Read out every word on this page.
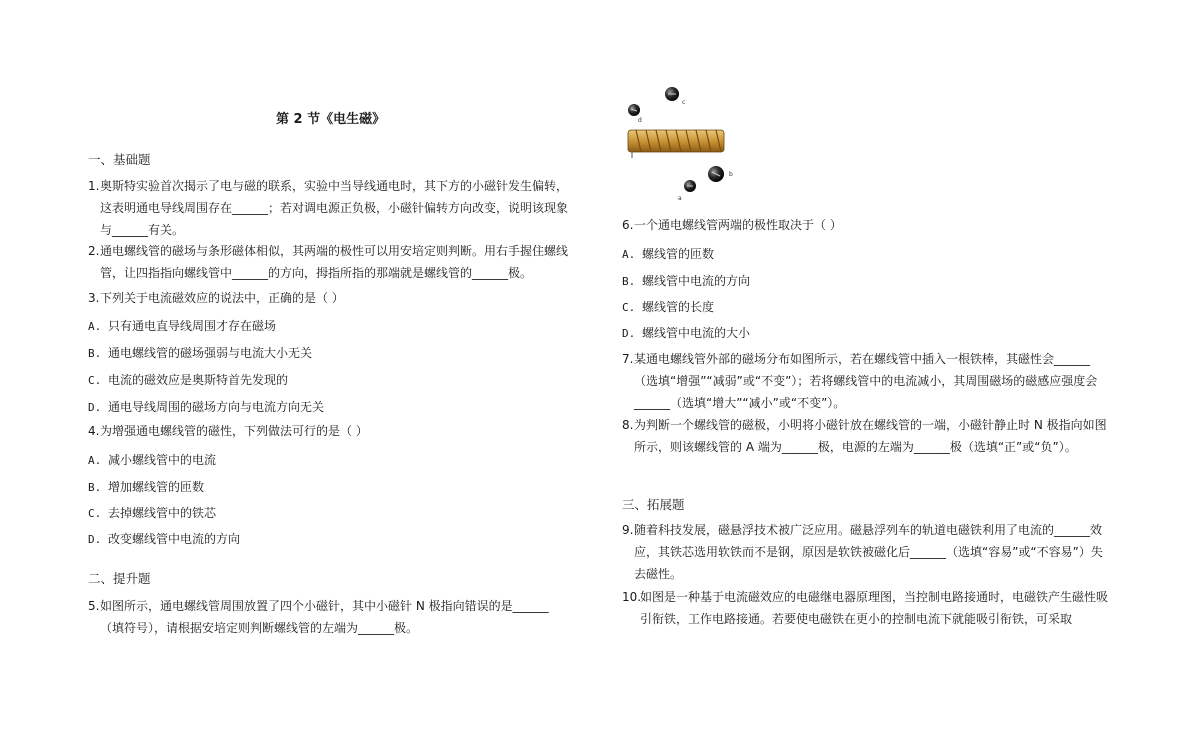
第 2 节《电生磁》
一、基础题
1. 奥斯特实验首次揭示了电与磁的联系，实验中当导线通电时，其下方的小磁针发生偏转，这表明通电导线周围存在______；若对调电源正负极，小磁针偏转方向改变，说明该现象与______有关。
2. 通电螺线管的磁场与条形磁体相似，其两端的极性可以用安培定则判断。用右手握住螺线管，让四指指向螺线管中______的方向，拇指所指的那端就是螺线管的______极。
3. 下列关于电流磁效应的说法中，正确的是（ ）
A. 只有通电直导线周围才存在磁场
B. 通电螺线管的磁场强弱与电流大小无关
C. 电流的磁效应是奥斯特首先发现的
D. 通电导线周围的磁场方向与电流方向无关
4. 为增强通电螺线管的磁性，下列做法可行的是（ ）
A. 减小螺线管中的电流
B. 增加螺线管的匝数
C. 去掉螺线管中的铁芯
D. 改变螺线管中电流的方向
二、提升题
5. 如图所示，通电螺线管周围放置了四个小磁针，其中小磁针 N 极指向错误的是______（填符号），请根据安培定则判断螺线管的左端为______极。
d
c
b
a
6. 一个通电螺线管两端的极性取决于（ ）
A. 螺线管的匝数
B. 螺线管中电流的方向
C. 螺线管的长度
D. 螺线管中电流的大小
7. 某通电螺线管外部的磁场分布如图所示，若在螺线管中插入一根铁棒，其磁性会______（选填“增强”“减弱”或“不变”）；若将螺线管中的电流减小，其周围磁场的磁感应强度会______（选填“增大”“减小”或“不变”）。
8. 为判断一个螺线管的磁极，小明将小磁针放在螺线管的一端，小磁针静止时 N 极指向如图所示，则该螺线管的 A 端为______极，电源的左端为______极（选填“正”或“负”）。
三、拓展题
9. 随着科技发展，磁悬浮技术被广泛应用。磁悬浮列车的轨道电磁铁利用了电流的______效应，其铁芯选用软铁而不是钢，原因是软铁被磁化后______（选填“容易”或“不容易”）失去磁性。
10.
如图是一种基于电流磁效应的电磁继电器原理图，当控制电路接通时，电磁铁产生磁性吸引衔铁，工作电路接通。若要使电磁铁在更小的控制电流下就能吸引衔铁，可采取
